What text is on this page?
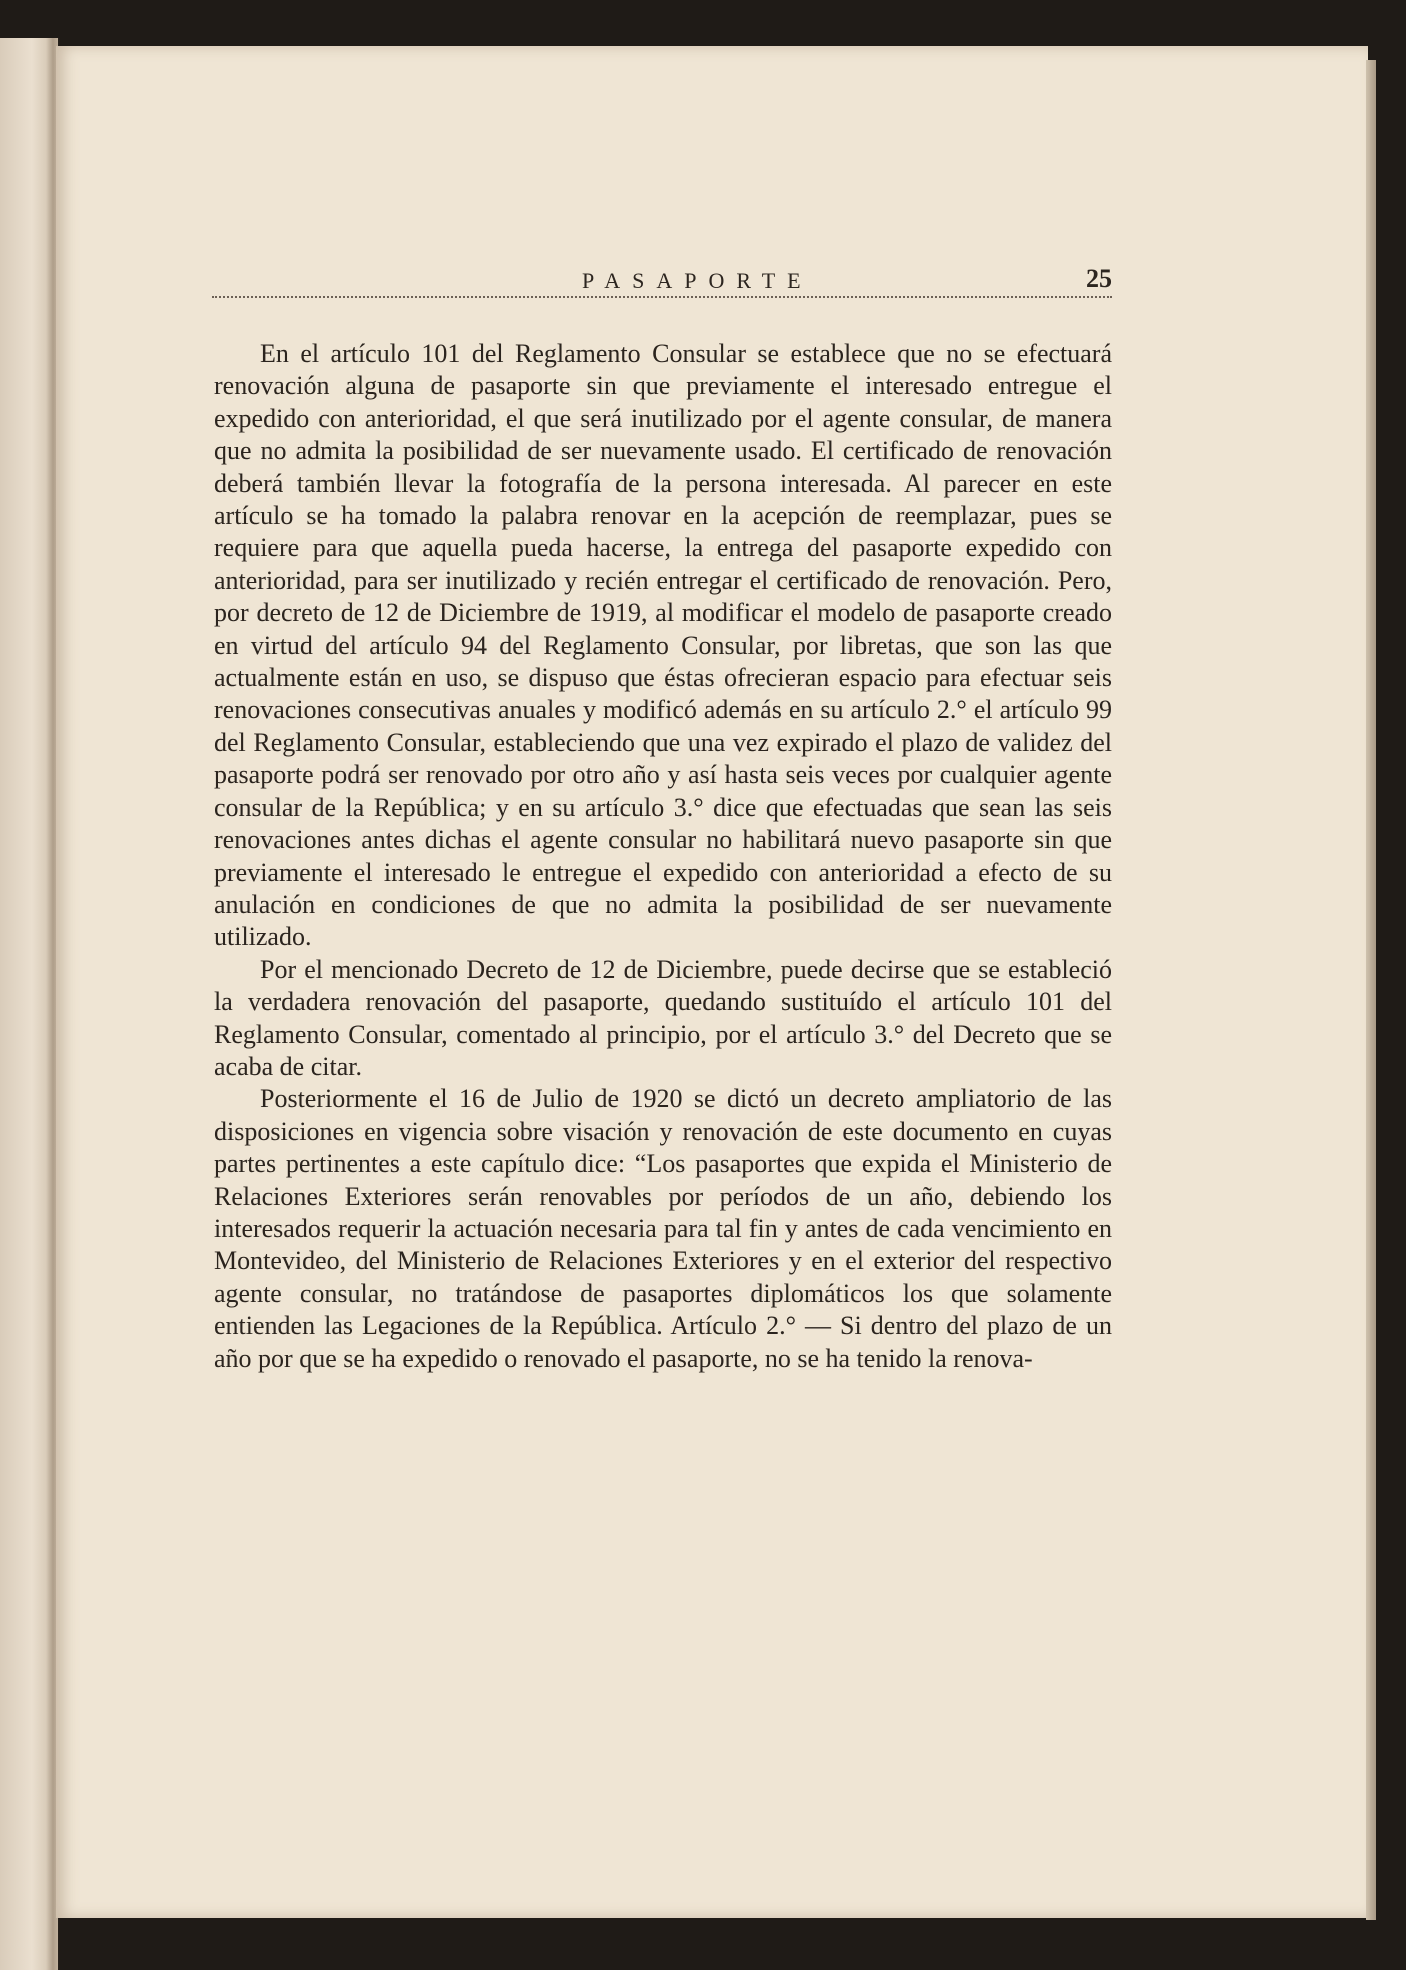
PASAPORTE	25

En el artículo 101 del Reglamento Consular se establece que no se efectuará renovación alguna de pasaporte sin que previamente el interesado entregue el expedido con anterioridad, el que será inutilizado por el agente consular, de manera que no admita la posibilidad de ser nuevamente usado. El certificado de renovación deberá también llevar la fotografía de la persona interesada. Al parecer en este artículo se ha tomado la palabra renovar en la acepción de reemplazar, pues se requiere para que aquella pueda hacerse, la entrega del pasaporte expedido con anterioridad, para ser inutilizado y recién entregar el certificado de renovación. Pero, por decreto de 12 de Diciembre de 1919, al modificar el modelo de pasaporte creado en virtud del artículo 94 del Reglamento Consular, por libretas, que son las que actualmente están en uso, se dispuso que éstas ofrecieran espacio para efectuar seis renovaciones consecutivas anuales y modificó además en su artículo 2.° el artículo 99 del Reglamento Consular, estableciendo que una vez expirado el plazo de validez del pasaporte podrá ser renovado por otro año y así hasta seis veces por cualquier agente consular de la República; y en su artículo 3.° dice que efectuadas que sean las seis renovaciones antes dichas el agente consular no habilitará nuevo pasaporte sin que previamente el interesado le entregue el expedido con anterioridad a efecto de su anulación en condiciones de que no admita la posibilidad de ser nuevamente utilizado.

Por el mencionado Decreto de 12 de Diciembre, puede decirse que se estableció la verdadera renovación del pasaporte, quedando sustituído el artículo 101 del Reglamento Consular, comentado al principio, por el artículo 3.° del Decreto que se acaba de citar.

Posteriormente el 16 de Julio de 1920 se dictó un decreto ampliatorio de las disposiciones en vigencia sobre visación y renovación de este documento en cuyas partes pertinentes a este capítulo dice: “Los pasaportes que expida el Ministerio de Relaciones Exteriores serán renovables por períodos de un año, debiendo los interesados requerir la actuación necesaria para tal fin y antes de cada vencimiento en Montevideo, del Ministerio de Relaciones Exteriores y en el exterior del respectivo agente consular, no tratándose de pasaportes diplomáticos los que solamente entienden las Legaciones de la República. Artículo 2.° — Si dentro del plazo de un año por que se ha expedido o renovado el pasaporte, no se ha tenido la renova-
